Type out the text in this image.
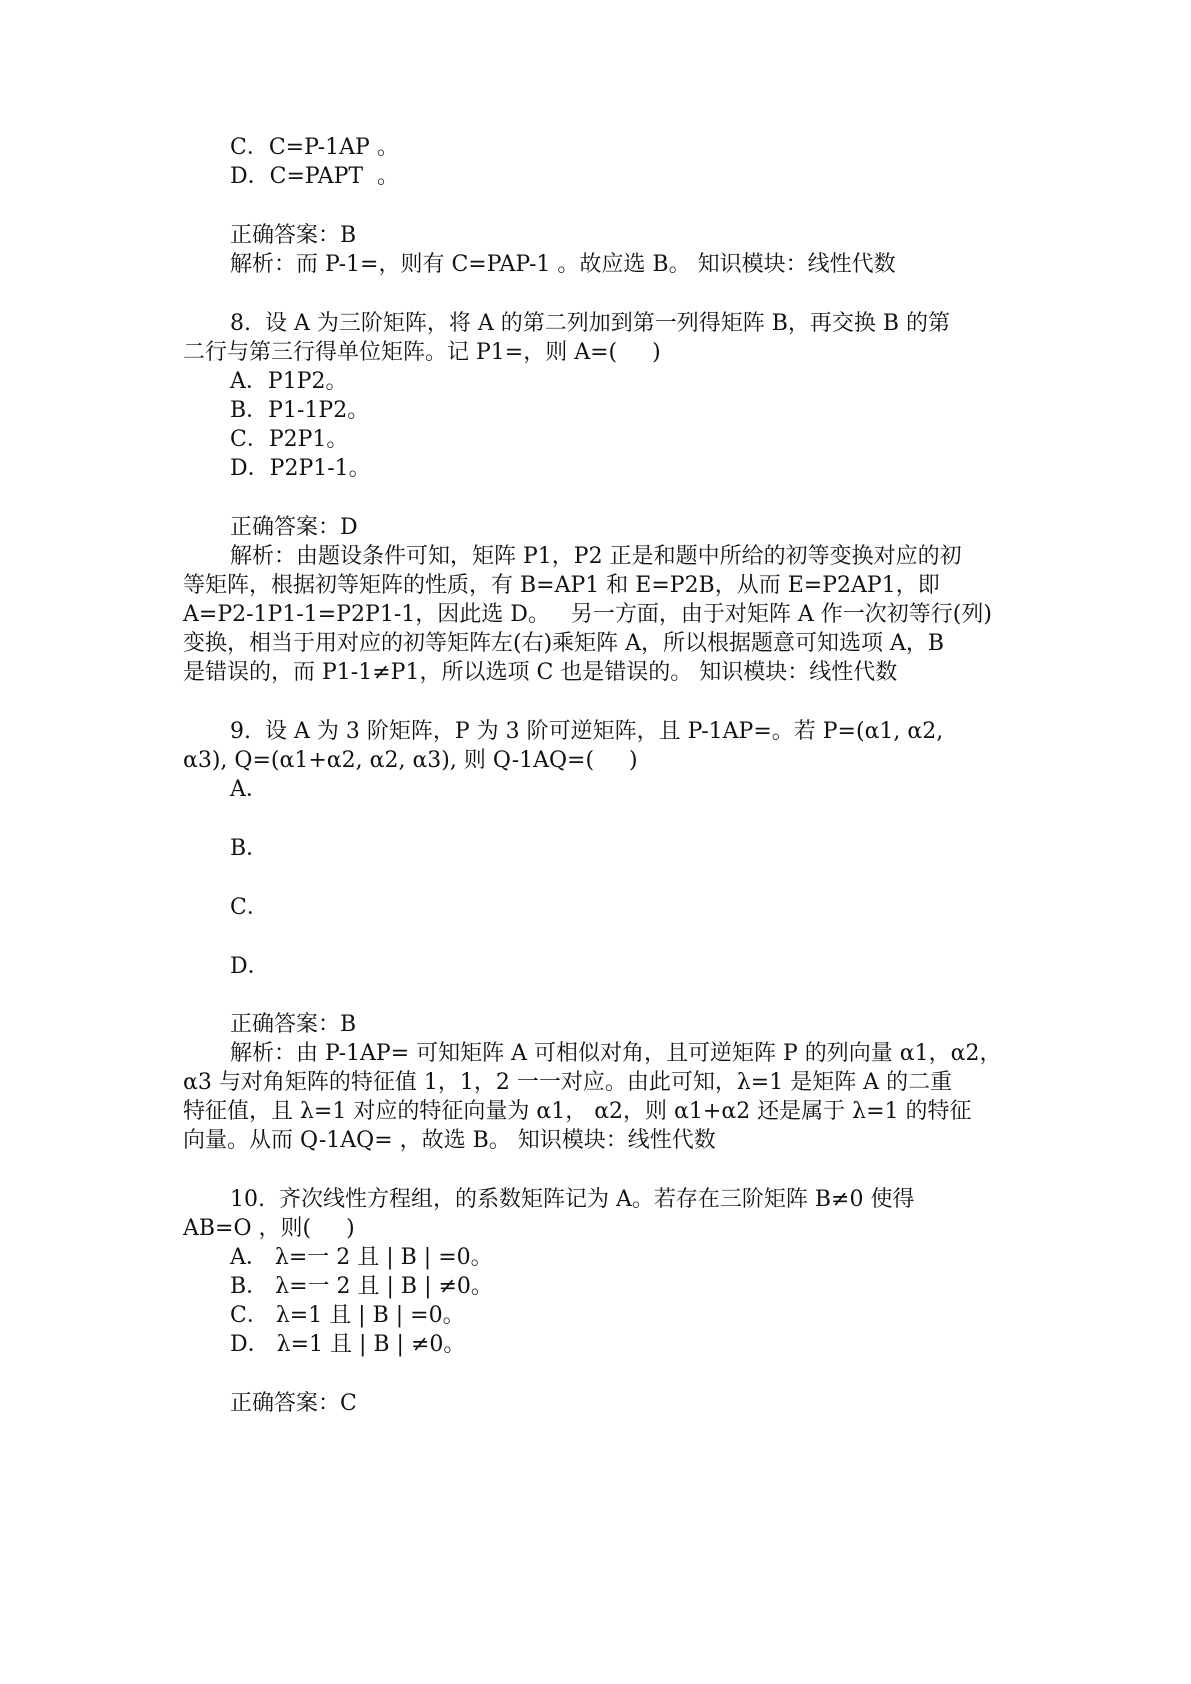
C．C=P-1AP 。
D．C=PAPT  。
正确答案：B
解析：而 P-1=，则有 C=PAP-1 。故应选 B。 知识模块：线性代数
8.  设 A 为三阶矩阵，将 A 的第二列加到第一列得矩阵 B，再交换 B 的第
二行与第三行得单位矩阵。记 P1=，则 A=(     )
A．P1P2。
B．P1-1P2。
C．P2P1。
D．P2P1-1。
正确答案：D
解析：由题设条件可知，矩阵 P1，P2 正是和题中所给的初等变换对应的初
等矩阵，根据初等矩阵的性质，有 B=AP1 和 E=P2B，从而 E=P2AP1，即
A=P2-1P1-1=P2P1-1，因此选 D。   另一方面，由于对矩阵 A 作一次初等行(列)
变换，相当于用对应的初等矩阵左(右)乘矩阵 A，所以根据题意可知选项 A，B
是错误的，而 P1-1≠P1，所以选项 C 也是错误的。 知识模块：线性代数
9.  设 A 为 3 阶矩阵，P 为 3 阶可逆矩阵，且 P-1AP=。若 P=(α1, α2,
α3), Q=(α1+α2, α2, α3), 则 Q-1AQ=(     )
A．
B．
C．
D．
正确答案：B
解析：由 P-1AP= 可知矩阵 A 可相似对角，且可逆矩阵 P 的列向量 α1，α2，
α3 与对角矩阵的特征值 1，1，2 一一对应。由此可知，λ=1 是矩阵 A 的二重
特征值，且 λ=1 对应的特征向量为 α1， α2，则 α1+α2 还是属于 λ=1 的特征
向量。从而 Q-1AQ= ，故选 B。 知识模块：线性代数
10.  齐次线性方程组，的系数矩阵记为 A。若存在三阶矩阵 B≠0 使得
AB=O ，则(     )
A． λ=一 2 且 | B | =0。
B． λ=一 2 且 | B | ≠0。
C． λ=1 且 | B | =0。
D． λ=1 且 | B | ≠0。
正确答案：C
